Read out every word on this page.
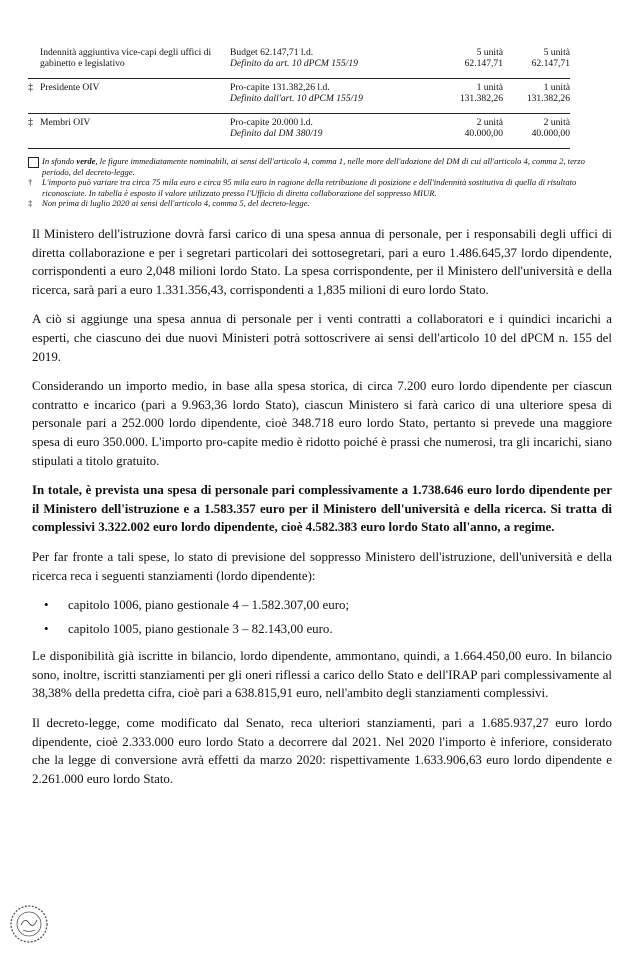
Indennità aggiuntiva vice-capi degli uffici di gabinetto e legislativo
Budget 62.147,71 l.d.
Definito da art. 10 dPCM 155/19
5 unità
62.147,71
5 unità
62.147,71
‡ Presidente OIV	Pro-capite 131.382,26 l.d.
Definito dall'art. 10 dPCM 155/19
1 unità
131.382,26
1 unità
131.382,26
‡ Membri OIV	Pro-capite 20.000 l.d.
Definito dal DM 380/19
2 unità
40.000,00
2 unità
40.000,00
In sfondo verde, le figure immediatamente nominabili, ai sensi dell'articolo 4, comma 1, nelle more dell'adozione del DM di cui all'articolo 4, comma 2, terzo periodo, del decreto-legge.
† L'importo può variare tra circa 75 mila euro e circa 95 mila euro in ragione della retribuzione di posizione e dell'indennità sostitutiva di quella di risultato riconosciute. In tabella è esposto il valore utilizzato presso l'Ufficio di diretta collaborazione del soppresso MIUR.
‡ Non prima di luglio 2020 ai sensi dell'articolo 4, comma 5, del decreto-legge.

Il Ministero dell'istruzione dovrà farsi carico di una spesa annua di personale, per i responsabili degli uffici di diretta collaborazione e per i segretari particolari dei sottosegretari, pari a euro 1.486.645,37 lordo dipendente, corrispondenti a euro 2,048 milioni lordo Stato. La spesa corrispondente, per il Ministero dell'università e della ricerca, sarà pari a euro 1.331.356,43, corrispondenti a 1,835 milioni di euro lordo Stato.

A ciò si aggiunge una spesa annua di personale per i venti contratti a collaboratori e i quindici incarichi a esperti, che ciascuno dei due nuovi Ministeri potrà sottoscrivere ai sensi dell'articolo 10 del dPCM n. 155 del 2019.

Considerando un importo medio, in base alla spesa storica, di circa 7.200 euro lordo dipendente per ciascun contratto e incarico (pari a 9.963,36 lordo Stato), ciascun Ministero si farà carico di una ulteriore spesa di personale pari a 252.000 lordo dipendente, cioè 348.718 euro lordo Stato, pertanto si prevede una maggiore spesa di euro 350.000. L'importo pro-capite medio è ridotto poiché è prassi che numerosi, tra gli incarichi, siano stipulati a titolo gratuito.

In totale, è prevista una spesa di personale pari complessivamente a 1.738.646 euro lordo dipendente per il Ministero dell'istruzione e a 1.583.357 euro per il Ministero dell'università e della ricerca. Si tratta di complessivi 3.322.002 euro lordo dipendente, cioè 4.582.383 euro lordo Stato all'anno, a regime.

Per far fronte a tali spese, lo stato di previsione del soppresso Ministero dell'istruzione, dell'università e della ricerca reca i seguenti stanziamenti (lordo dipendente):

• capitolo 1006, piano gestionale 4 – 1.582.307,00 euro;
• capitolo 1005, piano gestionale 3 – 82.143,00 euro.

Le disponibilità già iscritte in bilancio, lordo dipendente, ammontano, quindi, a 1.664.450,00 euro. In bilancio sono, inoltre, iscritti stanziamenti per gli oneri riflessi a carico dello Stato e dell'IRAP pari complessivamente al 38,38% della predetta cifra, cioè pari a 638.815,91 euro, nell'ambito degli stanziamenti complessivi.

Il decreto-legge, come modificato dal Senato, reca ulteriori stanziamenti, pari a 1.685.937,27 euro lordo dipendente, cioè 2.333.000 euro lordo Stato a decorrere dal 2021. Nel 2020 l'importo è inferiore, considerato che la legge di conversione avrà effetti da marzo 2020: rispettivamente 1.633.906,63 euro lordo dipendente e 2.261.000 euro lordo Stato.
